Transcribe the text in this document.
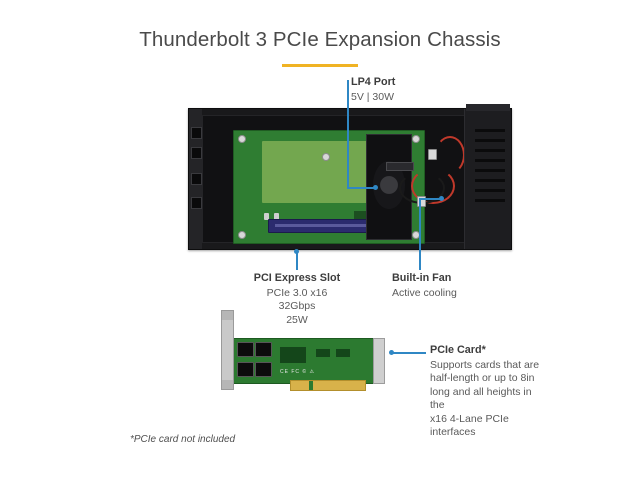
Thunderbolt 3 PCIe Expansion Chassis
CE FC © ⚠
LP4 Port
5V | 30W
PCI Express Slot
PCIe 3.0 x16
32Gbps
25W
Built-in Fan
Active cooling
PCIe Card*
Supports cards that are
half-length or up to 8in
long and all heights in the
x16 4-Lane PCIe interfaces
*PCIe card not included
